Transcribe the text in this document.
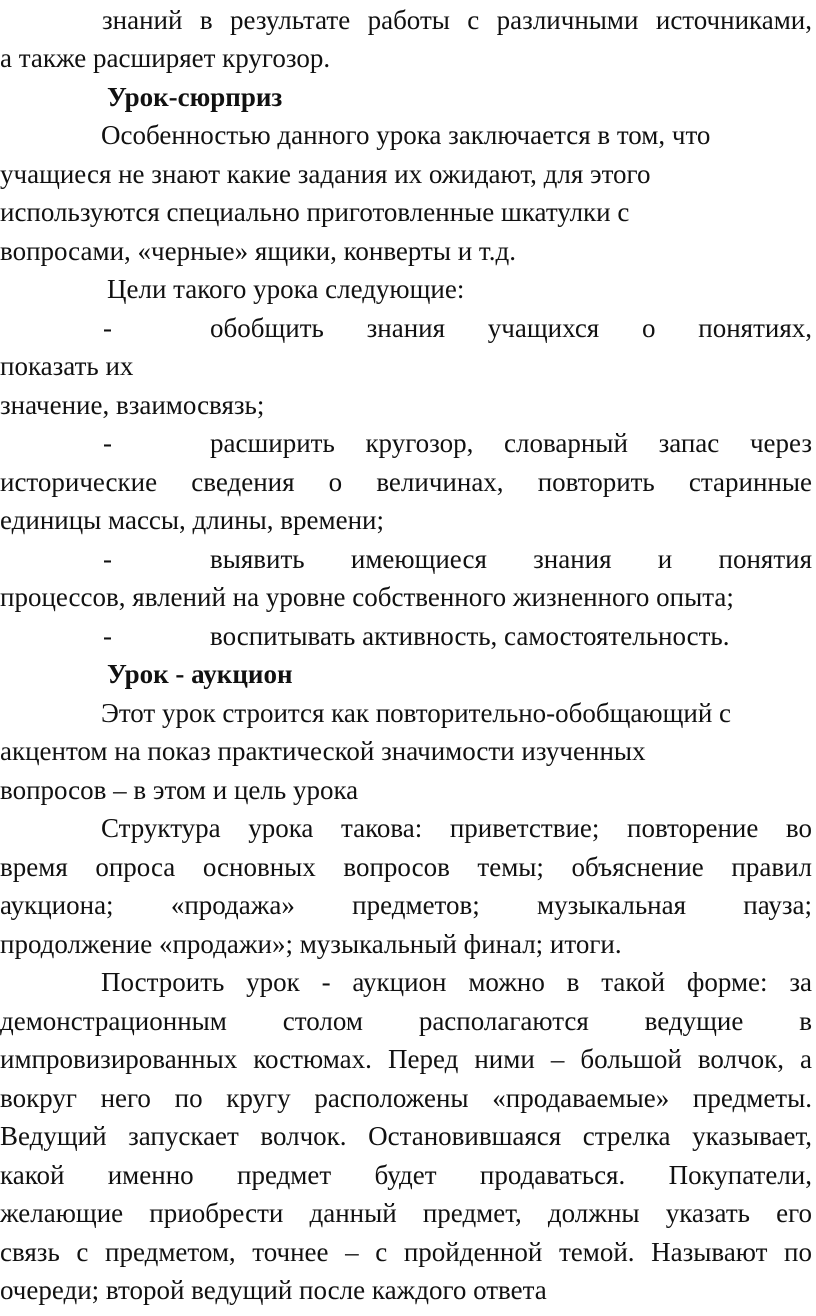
знаний в результате работы с различными источниками,
а также расширяет кругозор.
Урок-сюрприз
Особенностью данного урока заключается в том, что
учащиеся не знают какие задания их ожидают, для этого
используются специально приготовленные шкатулки с
вопросами, «черные» ящики, конверты и т.д.
Цели такого урока следующие:
-	обобщить знания учащихся о понятиях,
показать их
значение, взаимосвязь;
-	расширить кругозор, словарный запас через
исторические сведения о величинах, повторить старинные
единицы массы, длины, времени;
-	выявить имеющиеся знания и понятия
процессов, явлений на уровне собственного жизненного опыта;
-	воспитывать активность, самостоятельность.
Урок - аукцион
Этот урок строится как повторительно-обобщающий с
акцентом на показ практической значимости изученных
вопросов – в этом и цель урока
Структура урока такова: приветствие; повторение во
время опроса основных вопросов темы; объяснение правил
аукциона; «продажа» предметов; музыкальная пауза;
продолжение «продажи»; музыкальный финал; итоги.
Построить урок - аукцион можно в такой форме: за
демонстрационным столом располагаются ведущие в
импровизированных костюмах. Перед ними – большой волчок, а
вокруг него по кругу расположены «продаваемые» предметы.
Ведущий запускает волчок. Остановившаяся стрелка указывает,
какой именно предмет будет продаваться. Покупатели,
желающие приобрести данный предмет, должны указать его
связь с предметом, точнее – с пройденной темой. Называют по
очереди; второй ведущий после каждого ответа
